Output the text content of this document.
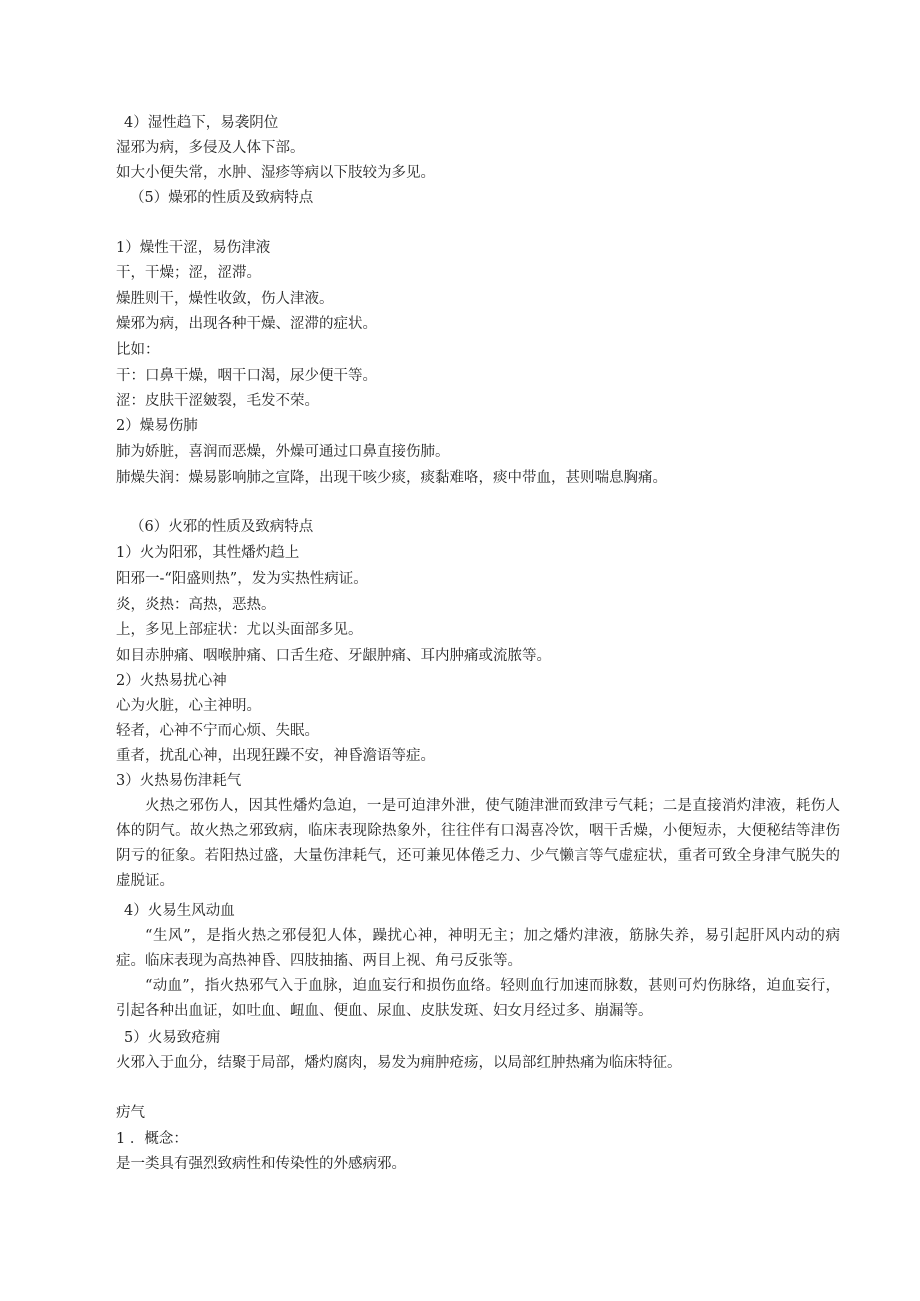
4）湿性趋下，易袭阴位
湿邪为病，多侵及人体下部。
如大小便失常，水肿、湿疹等病以下肢较为多见。
（5）燥邪的性质及致病特点
1）燥性干涩，易伤津液
干，干燥；涩，涩滞。
燥胜则干，燥性收敛，伤人津液。
燥邪为病，出现各种干燥、涩滞的症状。
比如：
干：口鼻干燥，咽干口渴，尿少便干等。
涩：皮肤干涩皴裂，毛发不荣。
2）燥易伤肺
肺为娇脏，喜润而恶燥，外燥可通过口鼻直接伤肺。
肺燥失润：燥易影响肺之宣降，出现干咳少痰，痰黏难咯，痰中带血，甚则喘息胸痛。
（6）火邪的性质及致病特点
1）火为阳邪，其性燔灼趋上
阳邪一-“阳盛则热”，发为实热性病证。
炎，炎热：高热，恶热。
上，多见上部症状：尤以头面部多见。
如目赤肿痛、咽喉肿痛、口舌生疮、牙龈肿痛、耳内肿痛或流脓等。
2）火热易扰心神
心为火脏，心主神明。
轻者，心神不宁而心烦、失眠。
重者，扰乱心神，出现狂躁不安，神昏澹语等症。
3）火热易伤津耗气
火热之邪伤人，因其性燔灼急迫，一是可迫津外泄，使气随津泄而致津亏气耗；二是直接消灼津液，耗伤人体的阴气。故火热之邪致病，临床表现除热象外，往往伴有口渴喜冷饮，咽干舌燥，小便短赤，大便秘结等津伤阴亏的征象。若阳热过盛，大量伤津耗气，还可兼见体倦乏力、少气懒言等气虚症状，重者可致全身津气脱失的虚脱证。
4）火易生风动血
“生风”，是指火热之邪侵犯人体，躁扰心神，神明无主；加之燔灼津液，筋脉失养，易引起肝风内动的病症。临床表现为高热神昏、四肢抽搐、两目上视、角弓反张等。
“动血”，指火热邪气入于血脉，迫血妄行和损伤血络。轻则血行加速而脉数，甚则可灼伤脉络，迫血妄行，引起各种出血证，如吐血、衄血、便血、尿血、皮肤发斑、妇女月经过多、崩漏等。
5）火易致疮痈
火邪入于血分，结聚于局部，燔灼腐肉，易发为痈肿疮疡，以局部红肿热痛为临床特征。
疠气
1 ．概念：
是一类具有强烈致病性和传染性的外感病邪。
